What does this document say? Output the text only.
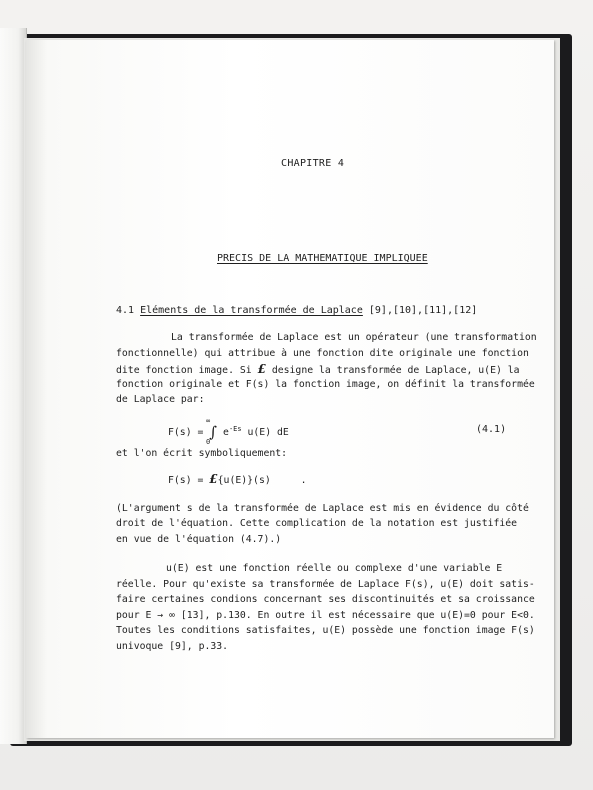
CHAPITRE 4
PRECIS DE LA MATHEMATIQUE IMPLIQUEE
4.1 Eléments de la transformée de Laplace [9],[10],[11],[12]
La transformée de Laplace est un opérateur (une transformation
fonctionnelle) qui attribue à une fonction dite originale une fonction
dite fonction image. Si £ designe la transformée de Laplace, u(E) la
fonction originale et F(s) la fonction image, on définit la transformée
de Laplace par:
F(s) = ∫ $e^{-Es}$ u(E) dE
∞
0
(4.1)
et l'on écrit symboliquement:
F(s) = £{u(E)}(s)	.
(L'argument s de la transformée de Laplace est mis en évidence du côté
droit de l'équation. Cette complication de la notation est justifiée
en vue de l'équation (4.7).)
u(E) est une fonction réelle ou complexe d'une variable E
réelle. Pour qu'existe sa transformée de Laplace F(s), u(E) doit satis-
faire certaines condions concernant ses discontinuités et sa croissance
pour E → ∞ [13], p.130. En outre il est nécessaire que u(E)=0 pour E<0.
Toutes les conditions satisfaites, u(E) possède une fonction image F(s)
univoque [9], p.33.
